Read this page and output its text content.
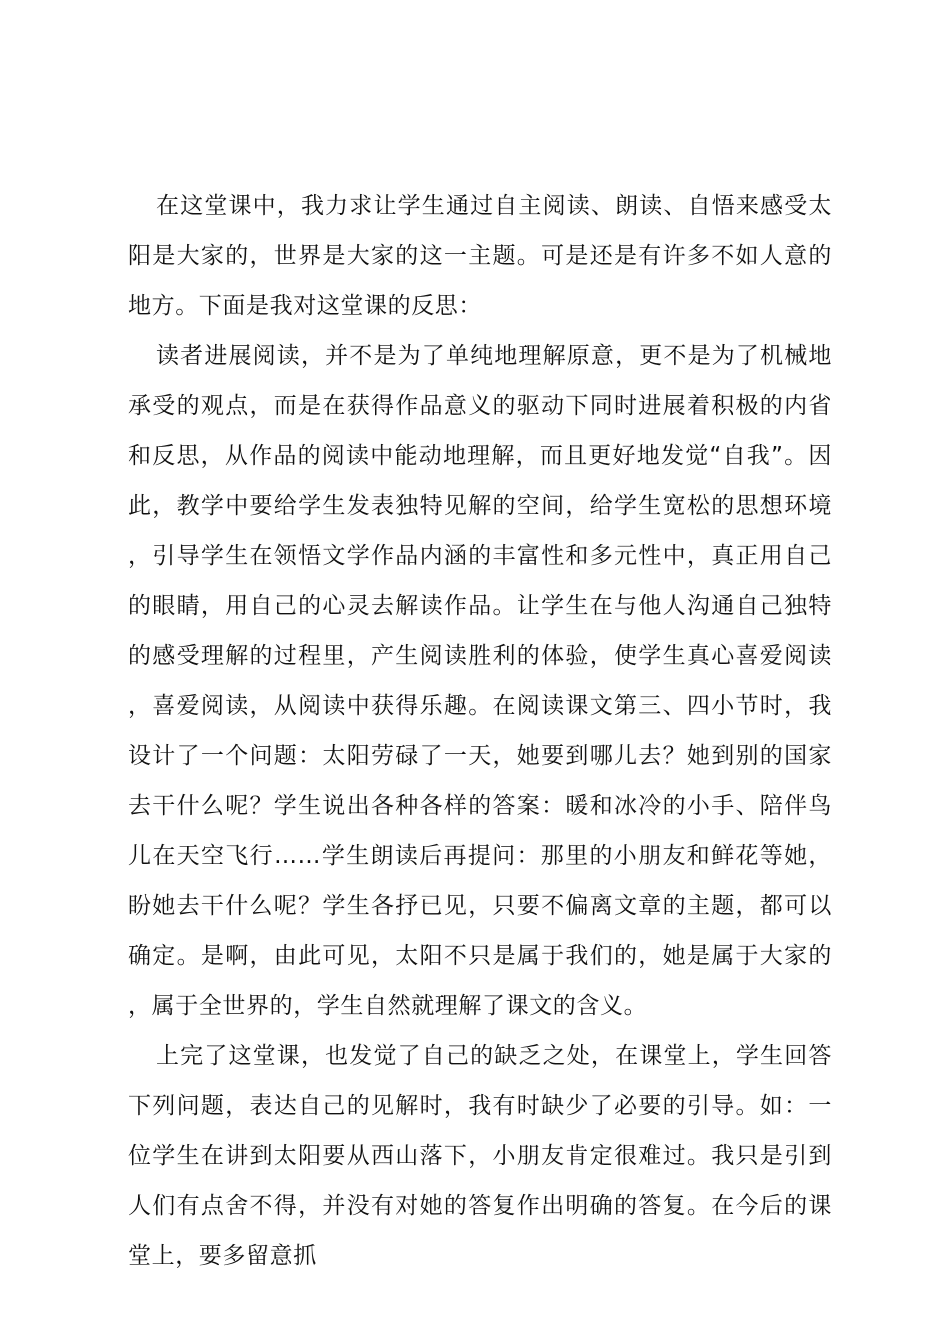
在这堂课中，我力求让学生通过自主阅读、朗读、自悟来感受太阳是大家的，世界是大家的这一主题。可是还是有许多不如人意的地方。下面是我对这堂课的反思：

读者进展阅读，并不是为了单纯地理解原意，更不是为了机械地承受的观点，而是在获得作品意义的驱动下同时进展着积极的内省和反思，从作品的阅读中能动地理解，而且更好地发觉“自我”。因此，教学中要给学生发表独特见解的空间，给学生宽松的思想环境，引导学生在领悟文学作品内涵的丰富性和多元性中，真正用自己的眼睛，用自己的心灵去解读作品。让学生在与他人沟通自己独特的感受理解的过程里，产生阅读胜利的体验，使学生真心喜爱阅读，喜爱阅读，从阅读中获得乐趣。在阅读课文第三、四小节时，我设计了一个问题：太阳劳碌了一天，她要到哪儿去？她到别的国家去干什么呢？学生说出各种各样的答案：暖和冰冷的小手、陪伴鸟儿在天空飞行……学生朗读后再提问：那里的小朋友和鲜花等她，盼她去干什么呢？学生各抒已见，只要不偏离文章的主题，都可以确定。是啊，由此可见，太阳不只是属于我们的，她是属于大家的，属于全世界的，学生自然就理解了课文的含义。

上完了这堂课，也发觉了自己的缺乏之处，在课堂上，学生回答下列问题，表达自己的见解时，我有时缺少了必要的引导。如：一位学生在讲到太阳要从西山落下，小朋友肯定很难过。我只是引到人们有点舍不得，并没有对她的答复作出明确的答复。在今后的课堂上，要多留意抓
